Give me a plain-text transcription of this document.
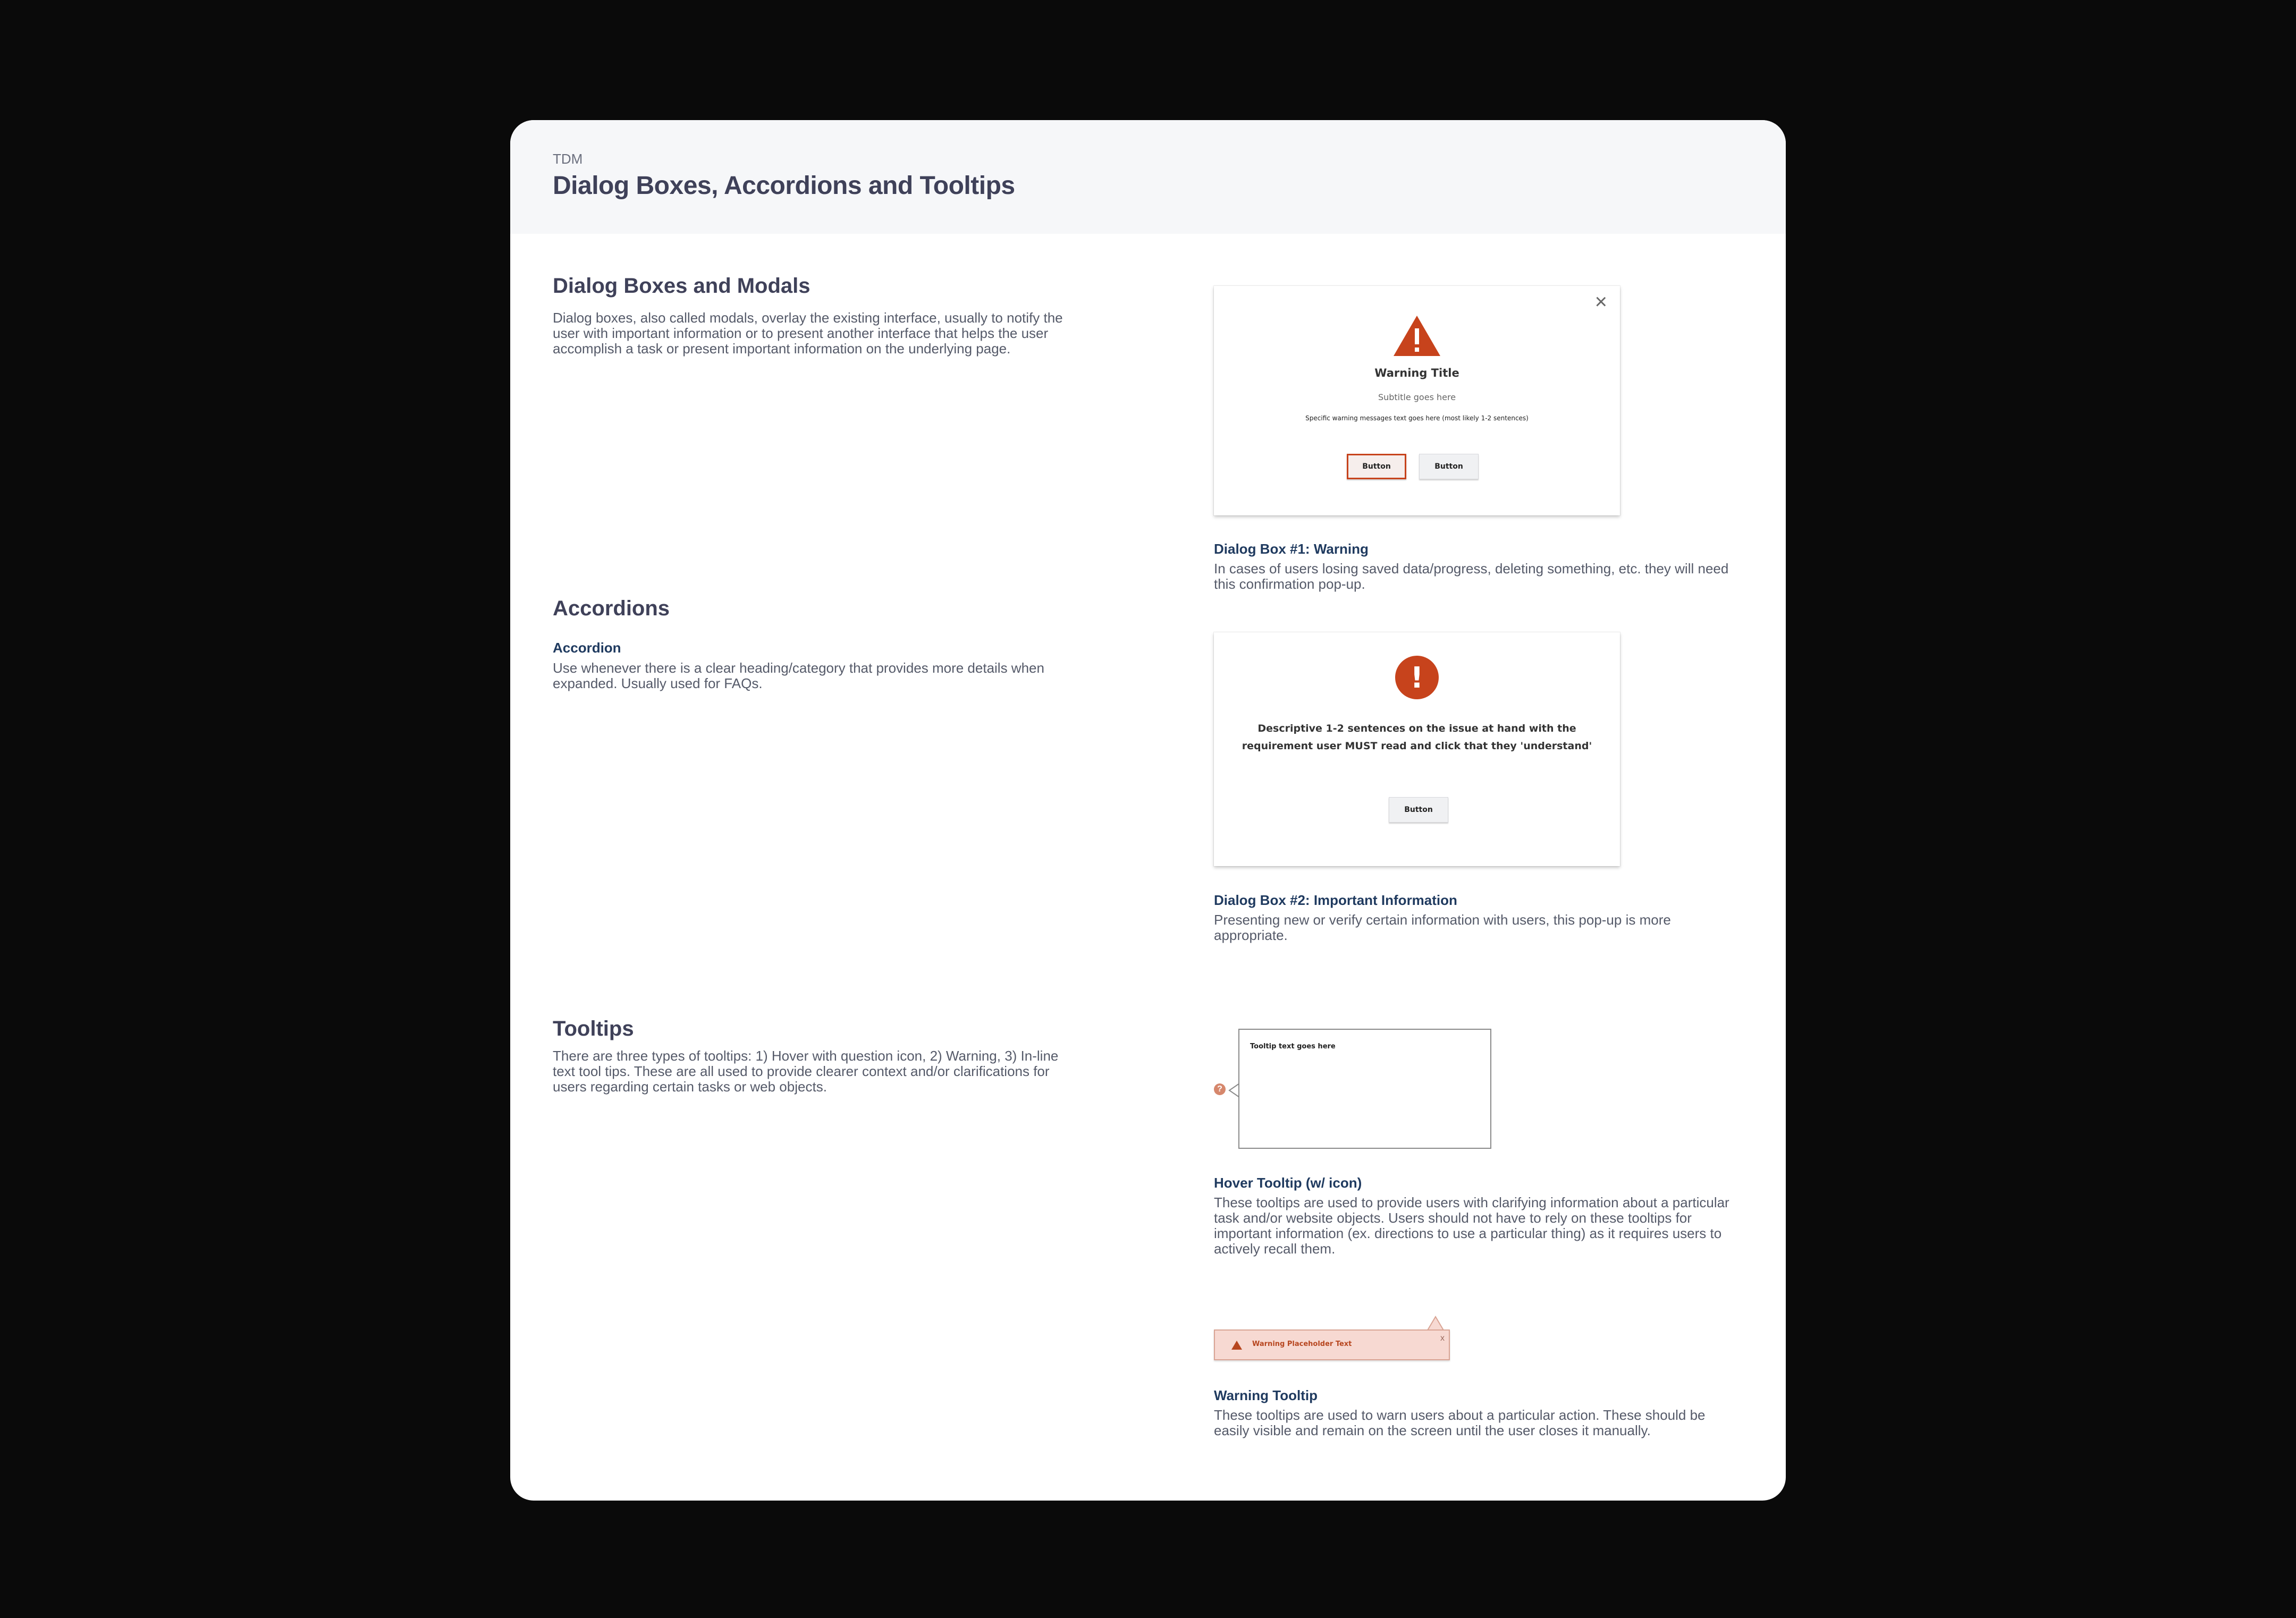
TDM
Dialog Boxes, Accordions and Tooltips
Dialog Boxes and Modals
Dialog boxes, also called modals, overlay the existing interface, usually to notify the user with important information or to present another interface that helps the user accomplish a task or present important information on the underlying page.
Accordions
Accordion
Use whenever there is a clear heading/category that provides more details when expanded. Usually used for FAQs.
Tooltips
There are three types of tooltips: 1) Hover with question icon, 2) Warning, 3) In-line text tool tips. These are all used to provide clearer context and/or clarifications for users regarding certain tasks or web objects.
×
Warning Title
Subtitle goes here
Specific warning messages text goes here (most likely 1-2 sentences)
Button	Button
Dialog Box #1: Warning
In cases of users losing saved data/progress, deleting something, etc. they will need this confirmation pop-up.
!
Descriptive 1-2 sentences on the issue at hand with the
requirement user MUST read and click that they 'understand'
Button
Dialog Box #2: Important Information
Presenting new or verify certain information with users, this pop-up is more appropriate.
?
Tooltip text goes here
Hover Tooltip (w/ icon)
These tooltips are used to provide users with clarifying information about a particular task and/or website objects. Users should not have to rely on these tooltips for important information (ex. directions to use a particular thing) as it requires users to actively recall them.
Warning Placeholder Text
x
Warning Tooltip
These tooltips are used to warn users about a particular action. These should be easily visible and remain on the screen until the user closes it manually.
